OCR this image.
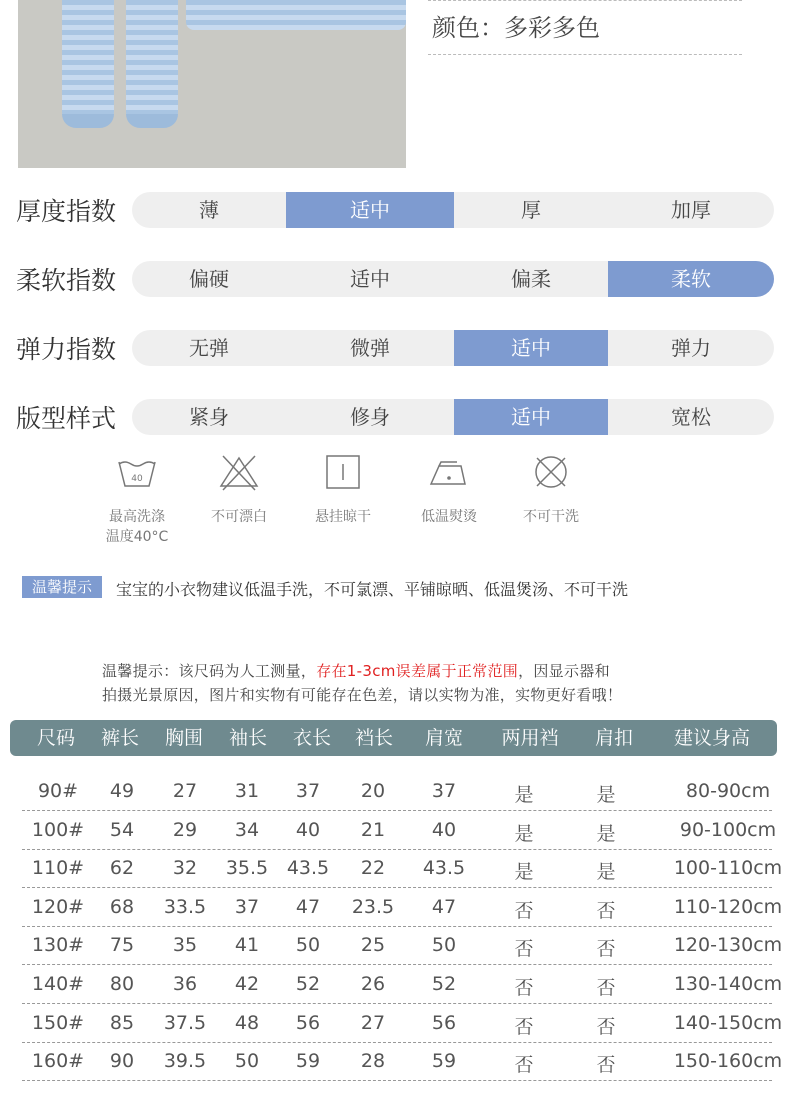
颜色：多彩多色
厚度指数	薄	适中	厚	加厚
柔软指数	偏硬	适中	偏柔	柔软
弹力指数	无弹	微弹	适中	弹力
版型样式	紧身	修身	适中	宽松
40
最高洗涤
温度40°C
不可漂白	悬挂晾干	低温熨烫	不可干洗
温馨提示	宝宝的小衣物建议低温手洗，不可氯漂、平铺晾晒、低温煲汤、不可干洗
温馨提示：该尺码为人工测量，存在1-3cm误差属于正常范围，因显示器和
拍摄光景原因，图片和实物有可能存在色差，请以实物为准，实物更好看哦！
尺码 裤长 胸围 袖长 衣长 裆长 肩宽 两用裆 肩扣 建议身高
90# 49 27 31 37 20 37	是	是	80-90cm
100# 54 29 34 40 21 40	是	是	90-100cm
110# 62 32 35.5 43.5 22 43.5	是	是	100-110cm
120# 68 33.5 37 47 23.5 47	否	否	110-120cm
130# 75 35 41 50 25 50	否	否	120-130cm
140# 80 36 42 52 26 52	否	否	130-140cm
150# 85 37.5 48 56 27 56	否	否	140-150cm
160# 90 39.5 50 59 28 59	否	否	150-160cm
